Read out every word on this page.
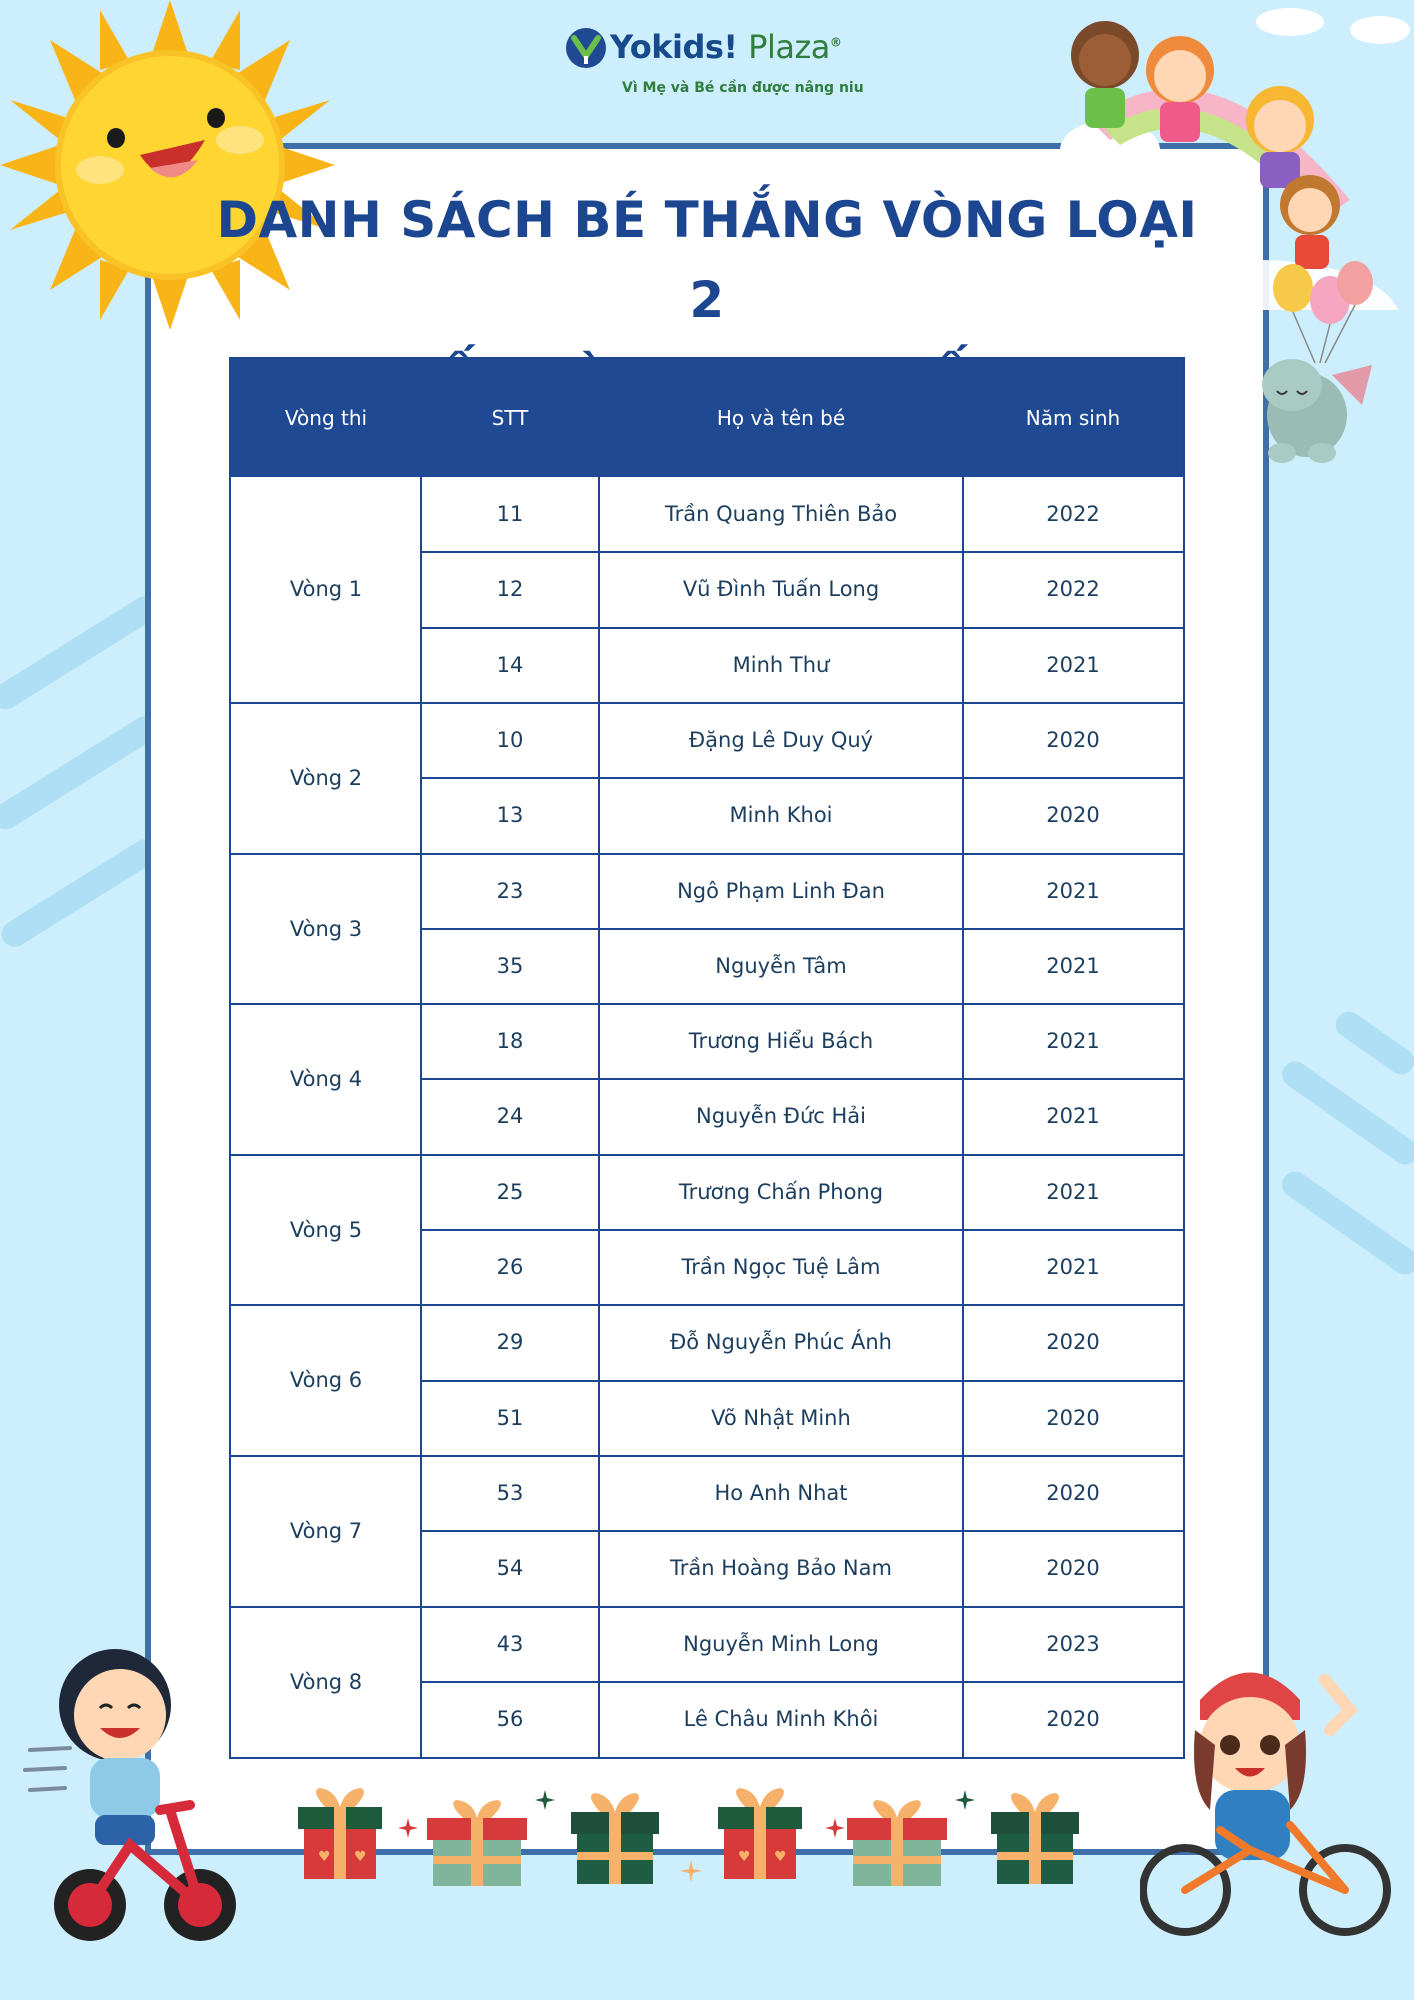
Yokids! Plaza®
Vì Mẹ và Bé cần được nâng niu
DANH SÁCH BÉ THẮNG VÒNG LOẠI 2
Vòng thi	STT	Họ và tên bé	Năm sinh
Vòng 1
11	Trần Quang Thiên Bảo	2022
12	Vũ Đình Tuấn Long	2022
14	Minh Thư	2021
Vòng 2
10	Đặng Lê Duy Quý	2020
13	Minh Khoi	2020
Vòng 3
23	Ngô Phạm Linh Đan	2021
35	Nguyễn Tâm	2021
Vòng 4
18	Trương Hiểu Bách	2021
24	Nguyễn Đức Hải	2021
Vòng 5
25	Trương Chấn Phong	2021
26	Trần Ngọc Tuệ Lâm	2021
Vòng 6
29	Đỗ Nguyễn Phúc Ánh	2020
51	Võ Nhật Minh	2020
Vòng 7
53	Ho Anh Nhat	2020
54	Trần Hoàng Bảo Nam	2020
Vòng 8
43	Nguyễn Minh Long	2023
56	Lê Châu Minh Khôi	2020
♥ ♥	♥ ♥
